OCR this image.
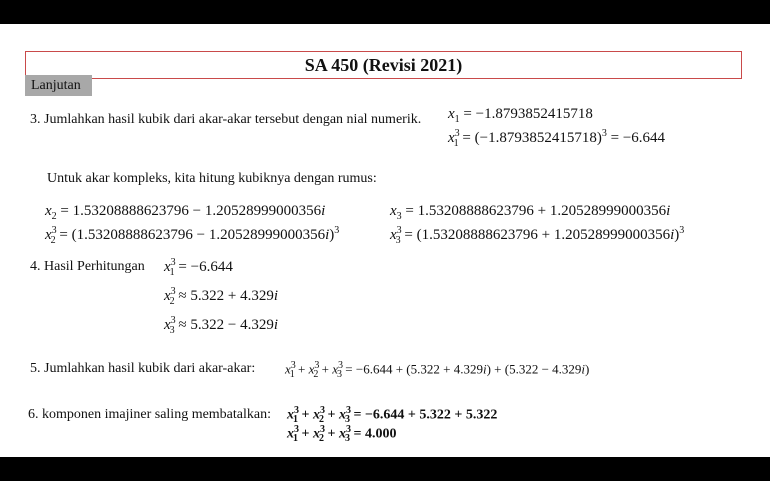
SA 450 (Revisi 2021)
Lanjutan
3. Jumlahkan hasil kubik dari akar-akar tersebut dengan nial numerik. $x_1 = -1.8793852415718$
$x^3_1 = (-1.8793852415718)^3 = -6.644$
Untuk akar kompleks, kita hitung kubiknya dengan rumus:
$x_2 = 1.53208888623796 - 1.20528999000356i$
$x^3_2 = (1.53208888623796 - 1.20528999000356i)^3$
$x_3 = 1.53208888623796 + 1.20528999000356i$
$x^3_3 = (1.53208888623796 + 1.20528999000356i)^3$
4. Hasil Perhitungan $x^3_1 = -6.644$
$x^3_2 \approx 5.322 + 4.329i$
$x^3_3 \approx 5.322 - 4.329i$
5. Jumlahkan hasil kubik dari akar-akar: $x^3_1 + x^3_2 + x^3_3 = -6.644 + (5.322 + 4.329i) + (5.322 - 4.329i)$
6. komponen imajiner saling membatalkan: $x^3_1 + x^3_2 + x^3_3 = -6.644 + 5.322 + 5.322$
$x^3_1 + x^3_2 + x^3_3 = 4.000$
